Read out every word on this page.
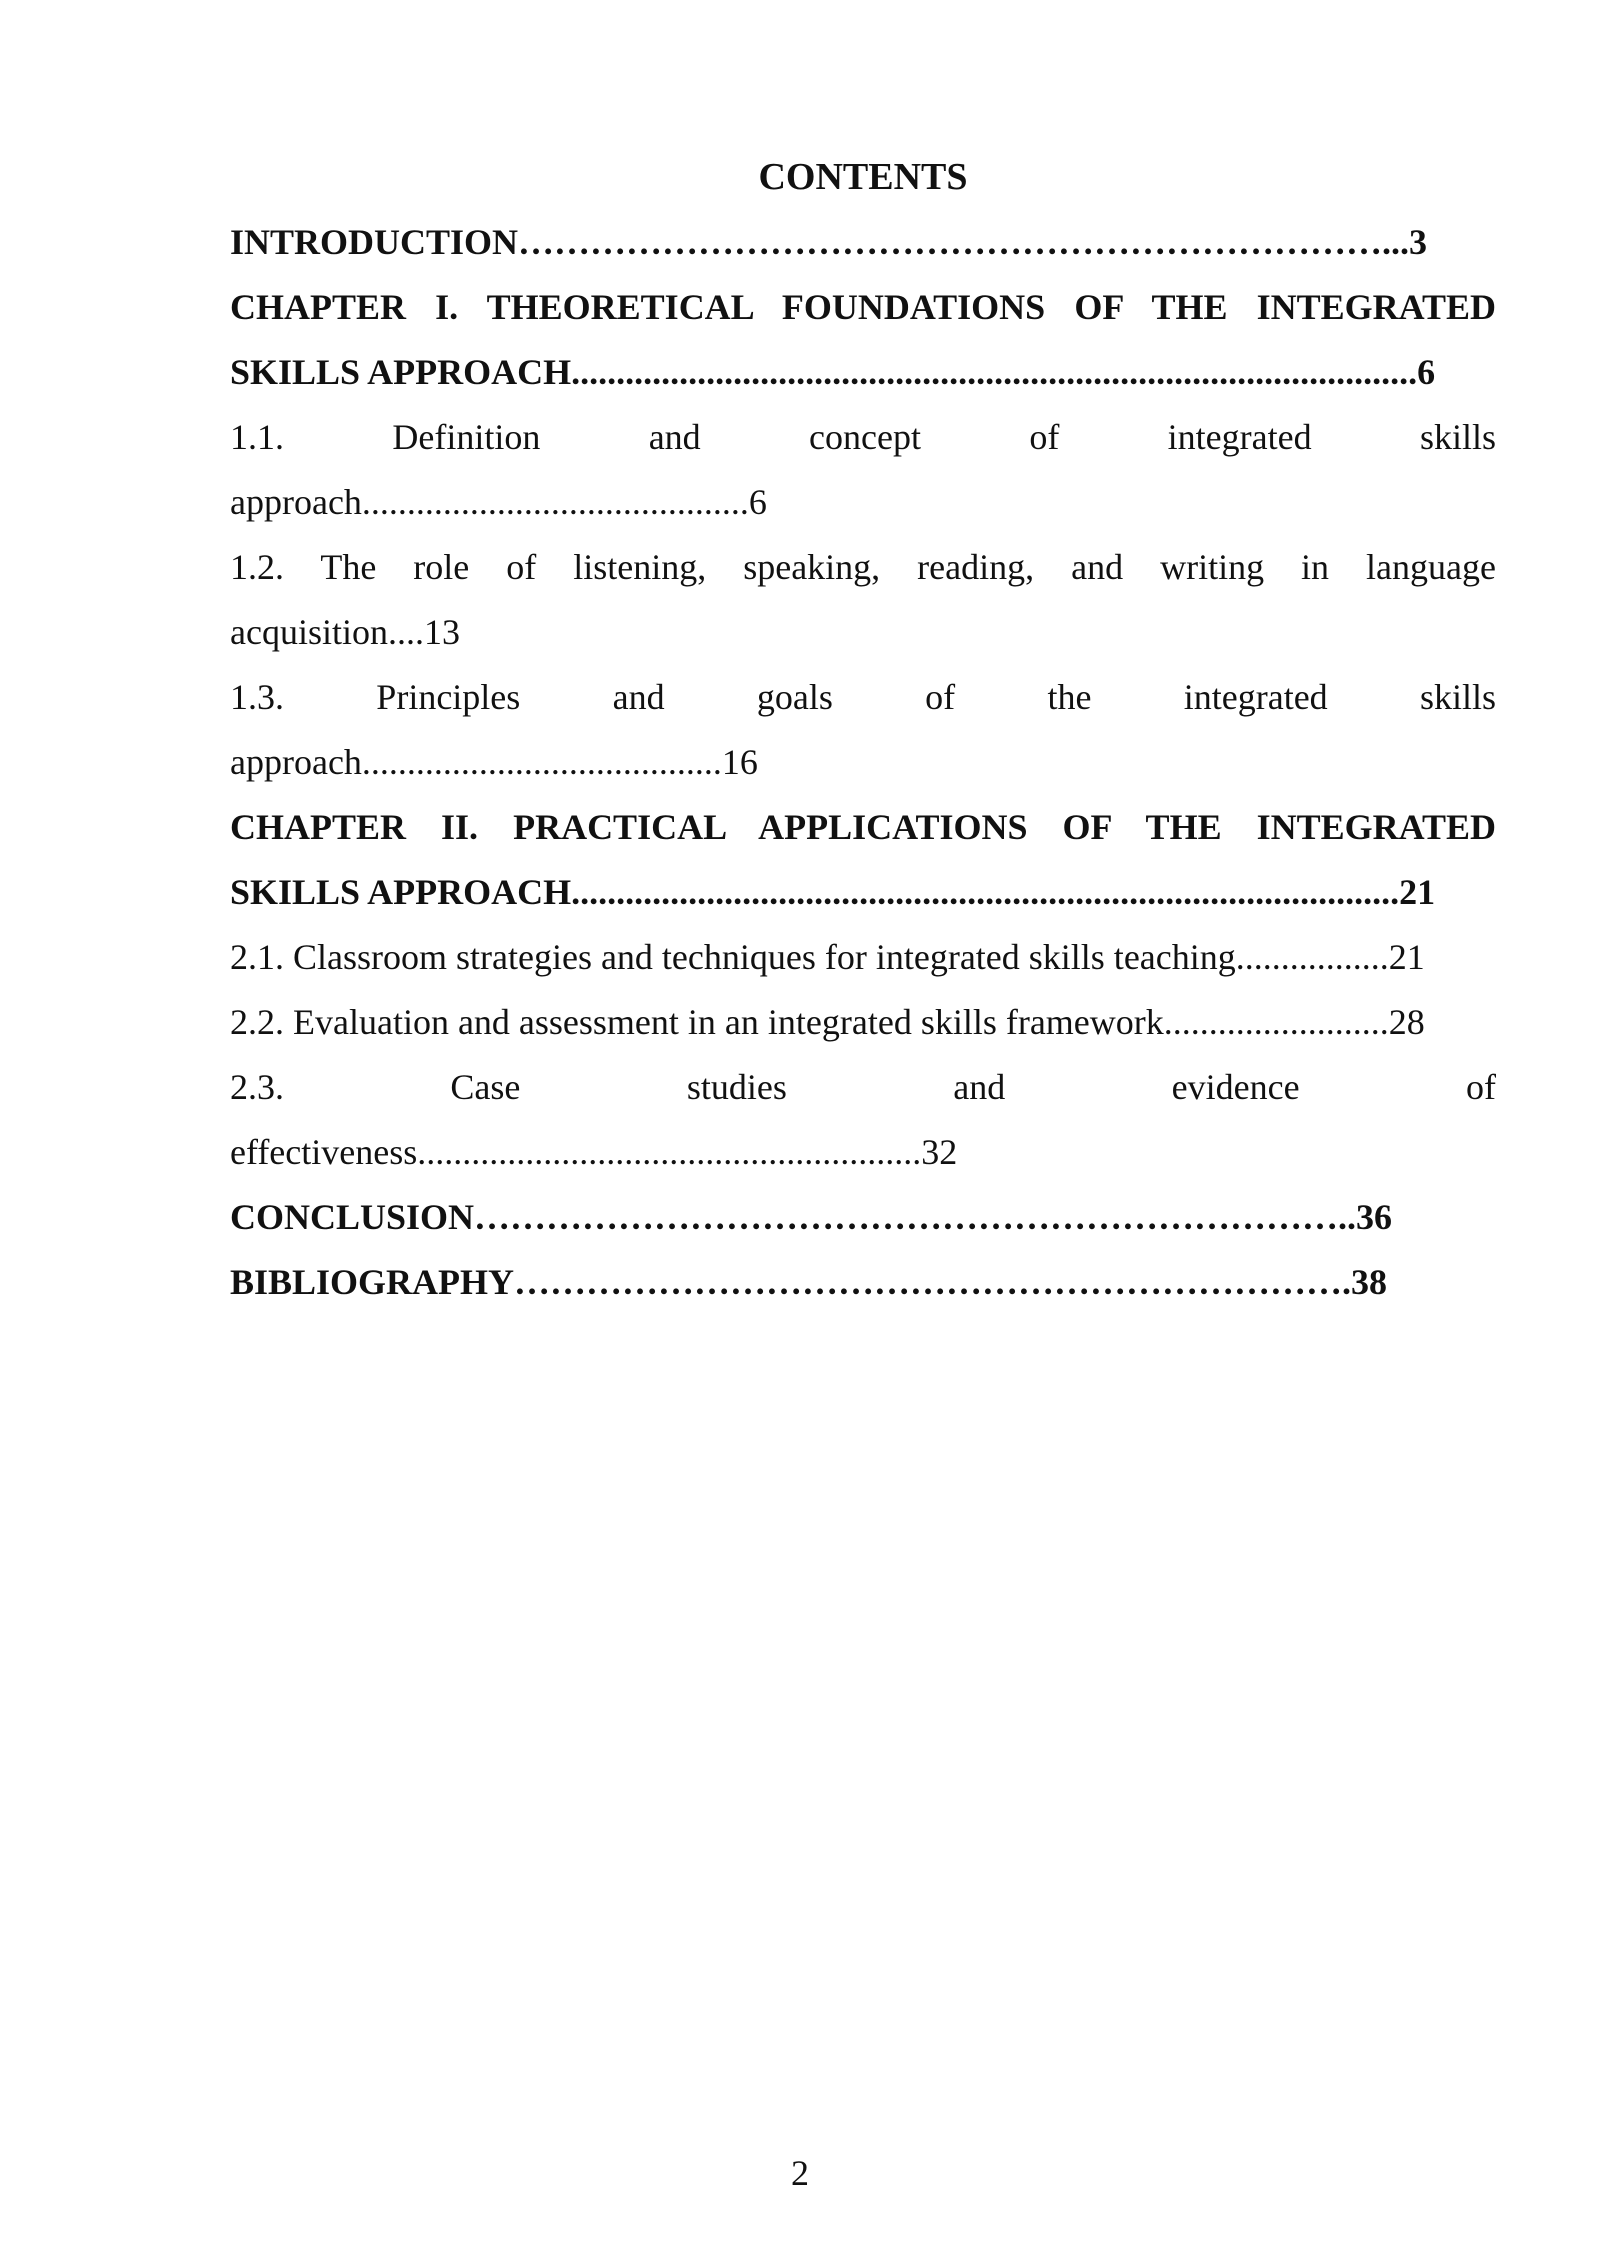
CONTENTS
INTRODUCTION………………………………………………………………...3
CHAPTER I. THEORETICAL FOUNDATIONS OF THE INTEGRATED
SKILLS APPROACH..............................................................................................6
1.1. Definition and concept of integrated skills
approach...........................................6
1.2. The role of listening, speaking, reading, and writing in language
acquisition....13
1.3. Principles and goals of the integrated skills
approach........................................16
CHAPTER II. PRACTICAL APPLICATIONS OF THE INTEGRATED
SKILLS APPROACH............................................................................................21
2.1. Classroom strategies and techniques for integrated skills teaching.................21
2.2. Evaluation and assessment in an integrated skills framework.........................28
2.3. Case studies and evidence of
effectiveness........................................................32
CONCLUSION………………………………………………………………..36
BIBLIOGRAPHY…………………………………………………………….38
2
